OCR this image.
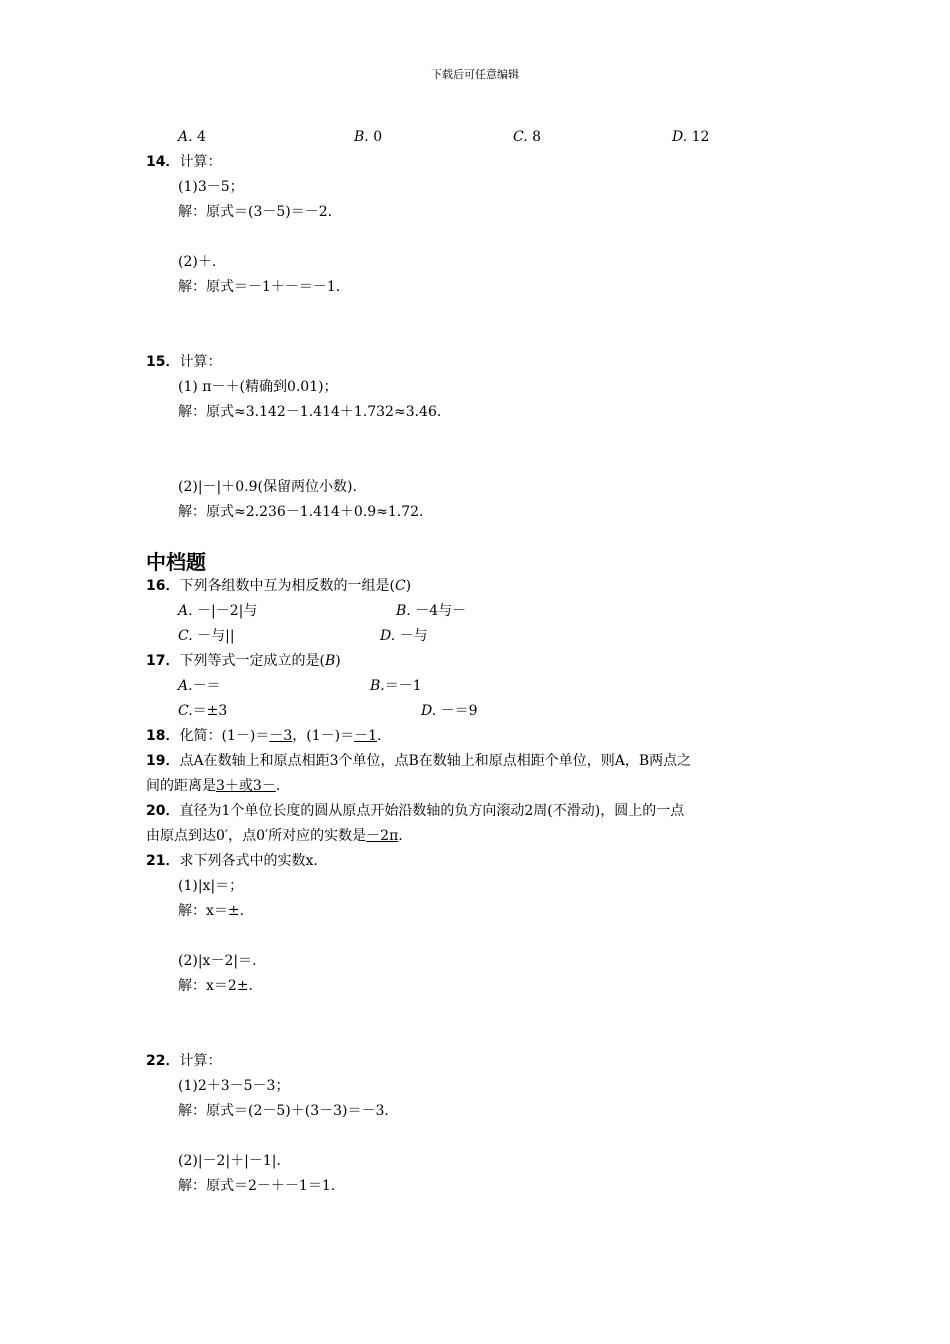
下载后可任意编辑
A. 4	B. 0	C. 8	D. 12
14．计算：
(1)3－5；
解：原式＝(3－5)＝－2.
(2)＋.
解：原式＝－1＋－＝－1.
15．计算：
(1) π－＋(精确到0.01)；
解：原式≈3.142－1.414＋1.732≈3.46.
(2)|－|＋0.9(保留两位小数).
解：原式≈2.236－1.414＋0.9≈1.72.
中档题
16．下列各组数中互为相反数的一组是(C)
A. －|－2|与	B. －4与－
C. －与||	D. －与
17．下列等式一定成立的是(B)
A.－＝	B.＝－1
C.＝±3	D. －＝9
18．化简：(1－)＝－3，(1－)＝－1.
19．点A在数轴上和原点相距3个单位，点B在数轴上和原点相距个单位，则A，B两点之
间的距离是3＋或3－.
20．直径为1个单位长度的圆从原点开始沿数轴的负方向滚动2周(不滑动)，圆上的一点
由原点到达0′，点0′所对应的实数是－2π.
21．求下列各式中的实数x.
(1)|x|＝；
解：x＝±.
(2)|x－2|＝.
解：x＝2±.
22．计算：
(1)2＋3－5－3；
解：原式＝(2－5)＋(3－3)＝－3.
(2)|－2|＋|－1|.
解：原式＝2－＋－1＝1.
